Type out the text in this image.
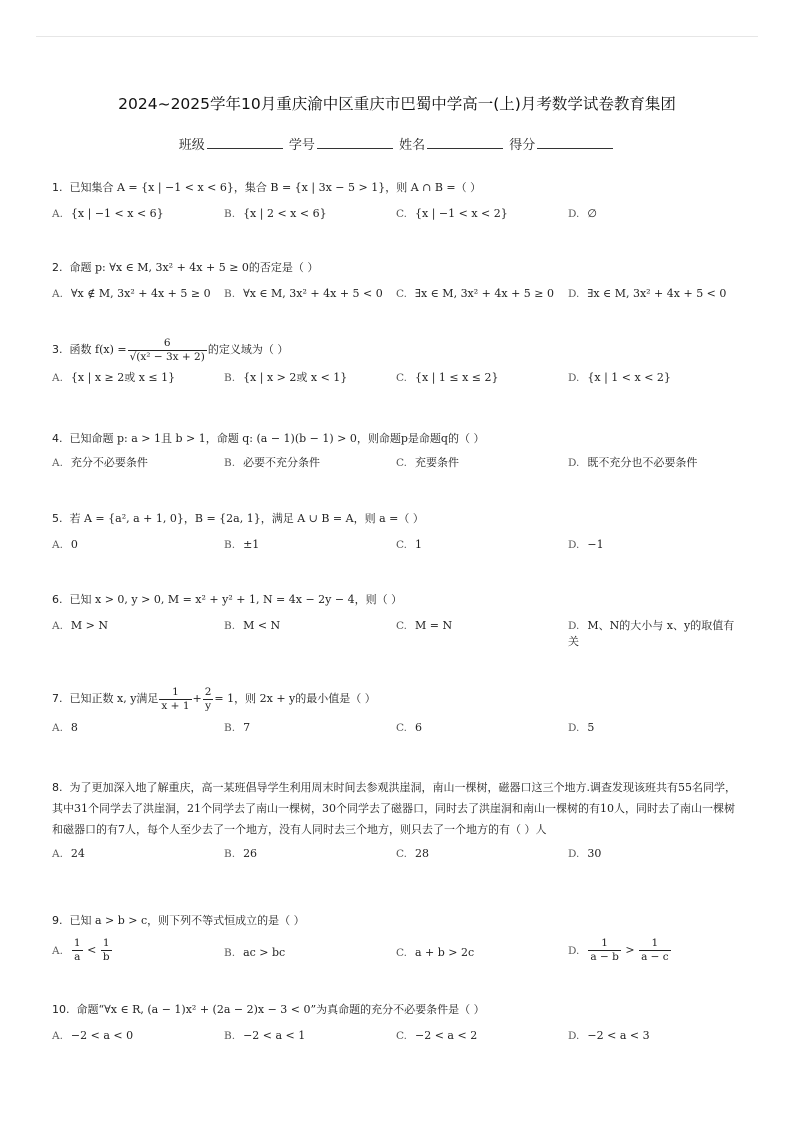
2024~2025学年10月重庆渝中区重庆市巴蜀中学高一(上)月考数学试卷教育集团
班级	学号	姓名	得分
1. 已知集合 A = {x | −1 < x < 6}，集合 B = {x | 3x − 5 > 1}，则 A ∩ B =（ ）
A. {x | −1 < x < 6}	B. {x | 2 < x < 6}	C. {x | −1 < x < 2}	D. ∅
2. 命题 p: ∀x ∈ M, 3x² + 4x + 5 ≥ 0的否定是（ ）
A. ∀x ∉ M, 3x² + 4x + 5 ≥ 0 B. ∀x ∈ M, 3x² + 4x + 5 < 0 C. ∃x ∈ M, 3x² + 4x + 5 ≥ 0 D. ∃x ∈ M, 3x² + 4x + 5 < 0
3. 函数 $f(x) = \frac{6}{\text{√(x² − 3x + 2)}}$ 的定义域为（ ）
A. {x | x ≥ 2或 x ≤ 1}	B. {x | x > 2或 x < 1}	C. {x | 1 ≤ x ≤ 2}	D. {x | 1 < x < 2}
4. 已知命题 p: a > 1且 b > 1，命题 q: (a − 1)(b − 1) > 0，则命题p是命题q的（ ）
A. 充分不必要条件	B. 必要不充分条件	C. 充要条件	D. 既不充分也不必要条件
5. 若 A = {a², a + 1, 0}，B = {2a, 1}，满足 A ∪ B = A，则 a =（ ）
A. 0	B. ±1	C. 1	D. −1
6. 已知 x > 0, y > 0, M = x² + y² + 1, N = 4x − 2y − 4，则（ ）
A. M > N	B. M < N	C. M = N	D. M、N的大小与 x、y的取值有关
7. 已知正数 x, y满足 $\frac{1}{x + 1} + \frac{2}{y} = 1$，则 2x + y的最小值是（ ）
A. 8	B. 7	C. 6	D. 5
8. 为了更加深入地了解重庆，高一某班倡导学生利用周末时间去参观洪崖洞，南山一棵树，磁器口这三个地方.调查发现该班共有55名同学，其中31个同学去了洪崖洞，21个同学去了南山一棵树，30个同学去了磁器口，同时去了洪崖洞和南山一棵树的有10人，同时去了南山一棵树和磁器口的有7人，每个人至少去了一个地方，没有人同时去三个地方，则只去了一个地方的有（ ）人
A. 24	B. 26	C. 28	D. 30
9. 已知 a > b > c，则下列不等式恒成立的是（ ）
A. $\frac{1}{a} < \frac{1}{b}$	B. ac > bc	C. a + b > 2c	D. $\frac{1}{a - b} > \frac{1}{a - c}$
10. 命题“∀x ∈ R, (a − 1)x² + (2a − 2)x − 3 < 0”为真命题的充分不必要条件是（ ）
A. −2 < a < 0	B. −2 < a < 1	C. −2 < a < 2	D. −2 < a < 3
